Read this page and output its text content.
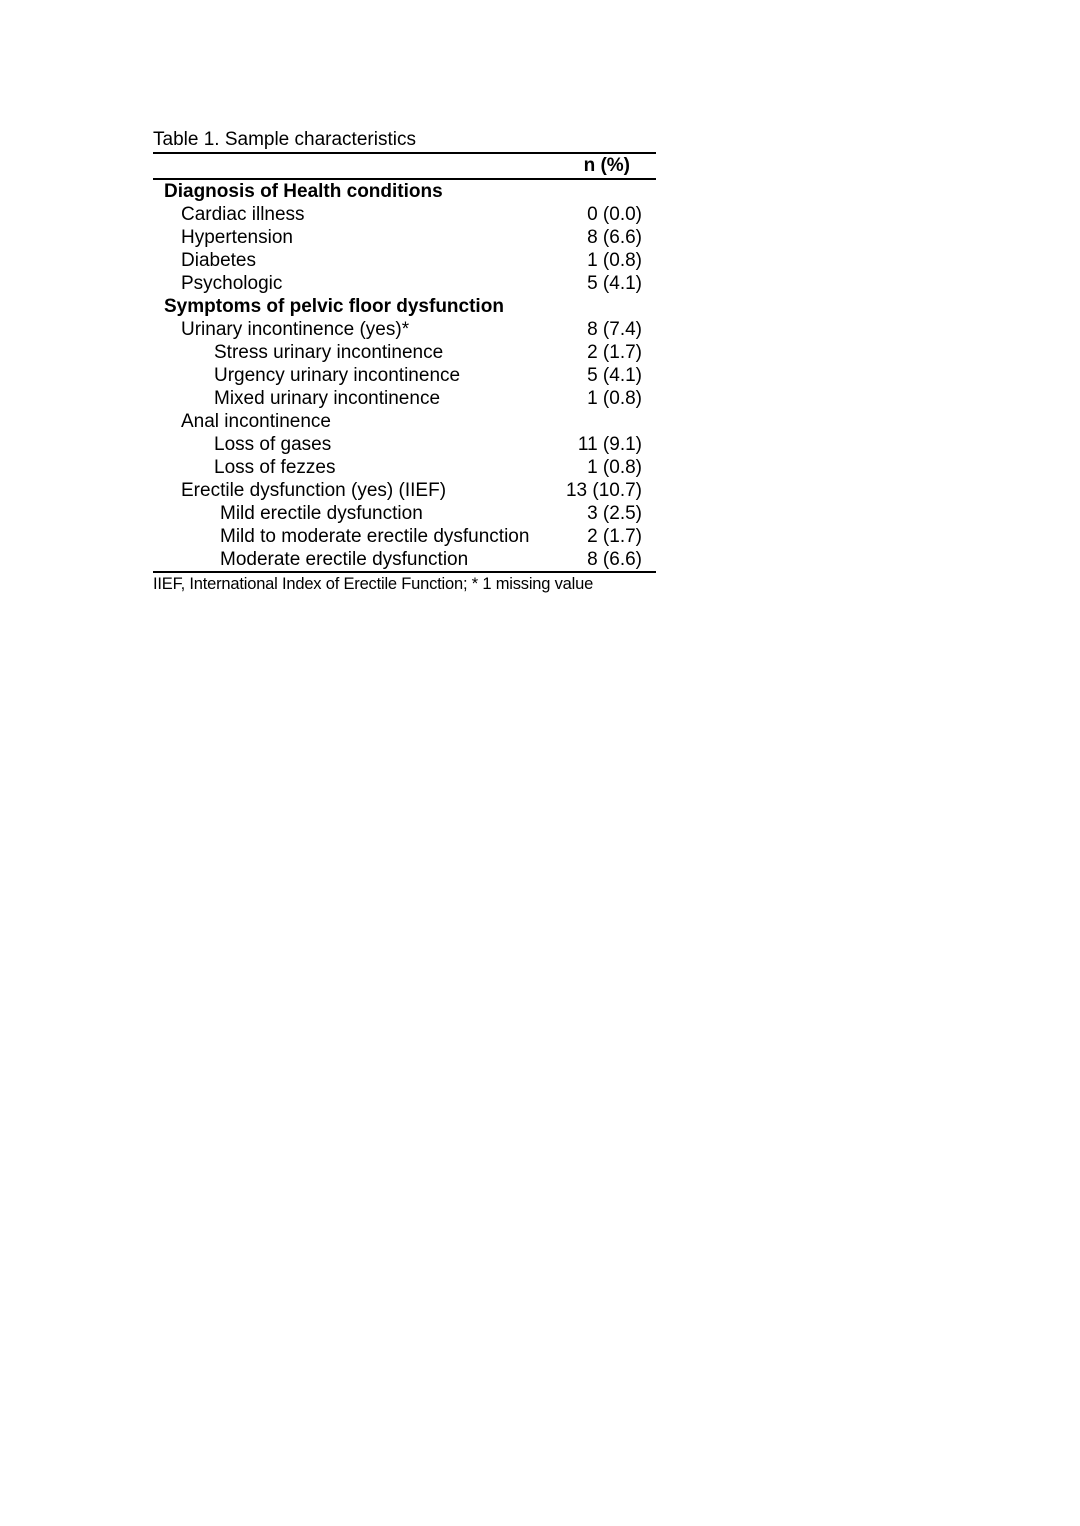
Table 1. Sample characteristics
n (%)
Diagnosis of Health conditions
Cardiac illness	0 (0.0)
Hypertension	8 (6.6)
Diabetes	1 (0.8)
Psychologic	5 (4.1)
Symptoms of pelvic floor dysfunction
Urinary incontinence (yes)*	8 (7.4)
Stress urinary incontinence	2 (1.7)
Urgency urinary incontinence	5 (4.1)
Mixed urinary incontinence	1 (0.8)
Anal incontinence
Loss of gases	11 (9.1)
Loss of fezzes	1 (0.8)
Erectile dysfunction (yes) (IIEF)	13 (10.7)
Mild erectile dysfunction	3 (2.5)
Mild to moderate erectile dysfunction	2 (1.7)
Moderate erectile dysfunction	8 (6.6)
IIEF, International Index of Erectile Function; * 1 missing value
